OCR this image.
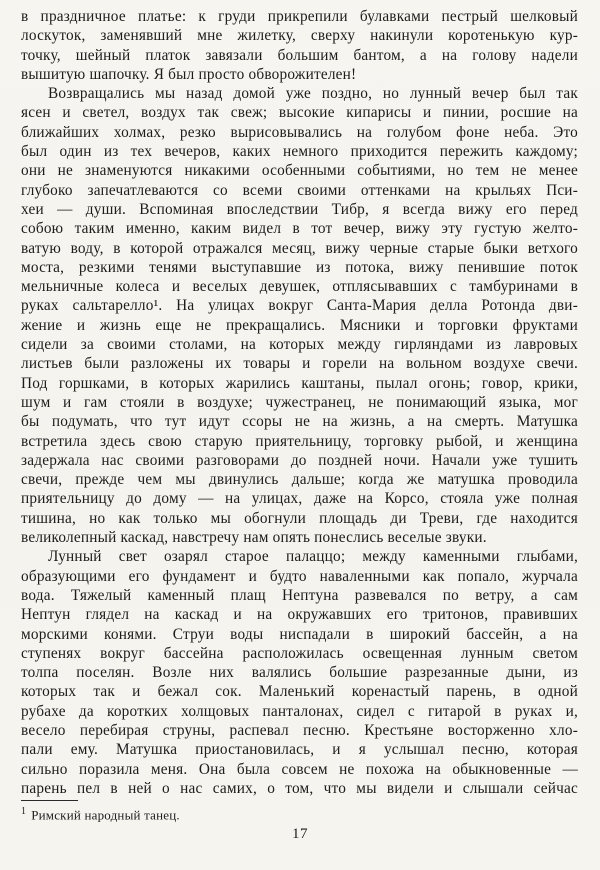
в праздничное платье: к груди прикрепили булавками пестрый шелковый
лоскуток, заменявший мне жилетку, сверху накинули коротенькую кур-
точку, шейный платок завязали большим бантом, а на голову надели
вышитую шапочку. Я был просто обворожителен!
Возвращались мы назад домой уже поздно, но лунный вечер был так
ясен и светел, воздух так свеж; высокие кипарисы и пинии, росшие на
ближайших холмах, резко вырисовывались на голубом фоне неба. Это
был один из тех вечеров, каких немного приходится пережить каждому;
они не знаменуются никакими особенными событиями, но тем не менее
глубоко запечатлеваются со всеми своими оттенками на крыльях Пси-
хеи — души. Вспоминая впоследствии Тибр, я всегда вижу его перед
собою таким именно, каким видел в тот вечер, вижу эту густую желто-
ватую воду, в которой отражался месяц, вижу черные старые быки ветхого
моста, резкими тенями выступавшие из потока, вижу пенившие поток
мельничные колеса и веселых девушек, отплясывавших с тамбуринами в
руках сальтарелло¹. На улицах вокруг Санта-Мария делла Ротонда дви-
жение и жизнь еще не прекращались. Мясники и торговки фруктами
сидели за своими столами, на которых между гирляндами из лавровых
листьев были разложены их товары и горели на вольном воздухе свечи.
Под горшками, в которых жарились каштаны, пылал огонь; говор, крики,
шум и гам стояли в воздухе; чужестранец, не понимающий языка, мог
бы подумать, что тут идут ссоры не на жизнь, а на смерть. Матушка
встретила здесь свою старую приятельницу, торговку рыбой, и женщина
задержала нас своими разговорами до поздней ночи. Начали уже тушить
свечи, прежде чем мы двинулись дальше; когда же матушка проводила
приятельницу до дому — на улицах, даже на Корсо, стояла уже полная
тишина, но как только мы обогнули площадь ди Треви, где находится
великолепный каскад, навстречу нам опять понеслись веселые звуки.
Лунный свет озарял старое палаццо; между каменными глыбами,
образующими его фундамент и будто наваленными как попало, журчала
вода. Тяжелый каменный плащ Нептуна развевался по ветру, а сам
Нептун глядел на каскад и на окружавших его тритонов, правивших
морскими конями. Струи воды ниспадали в широкий бассейн, а на
ступенях вокруг бассейна расположилась освещенная лунным светом
толпа поселян. Возле них валялись большие разрезанные дыни, из
которых так и бежал сок. Маленький коренастый парень, в одной
рубахе да коротких холщовых панталонах, сидел с гитарой в руках и,
весело перебирая струны, распевал песню. Крестьяне восторженно хло-
пали ему. Матушка приостановилась, и я услышал песню, которая
сильно поразила меня. Она была совсем не похожа на обыкновенные —
парень пел в ней о нас самих, о том, что мы видели и слышали сейчас
$^1$ Римский народный танец.
17
